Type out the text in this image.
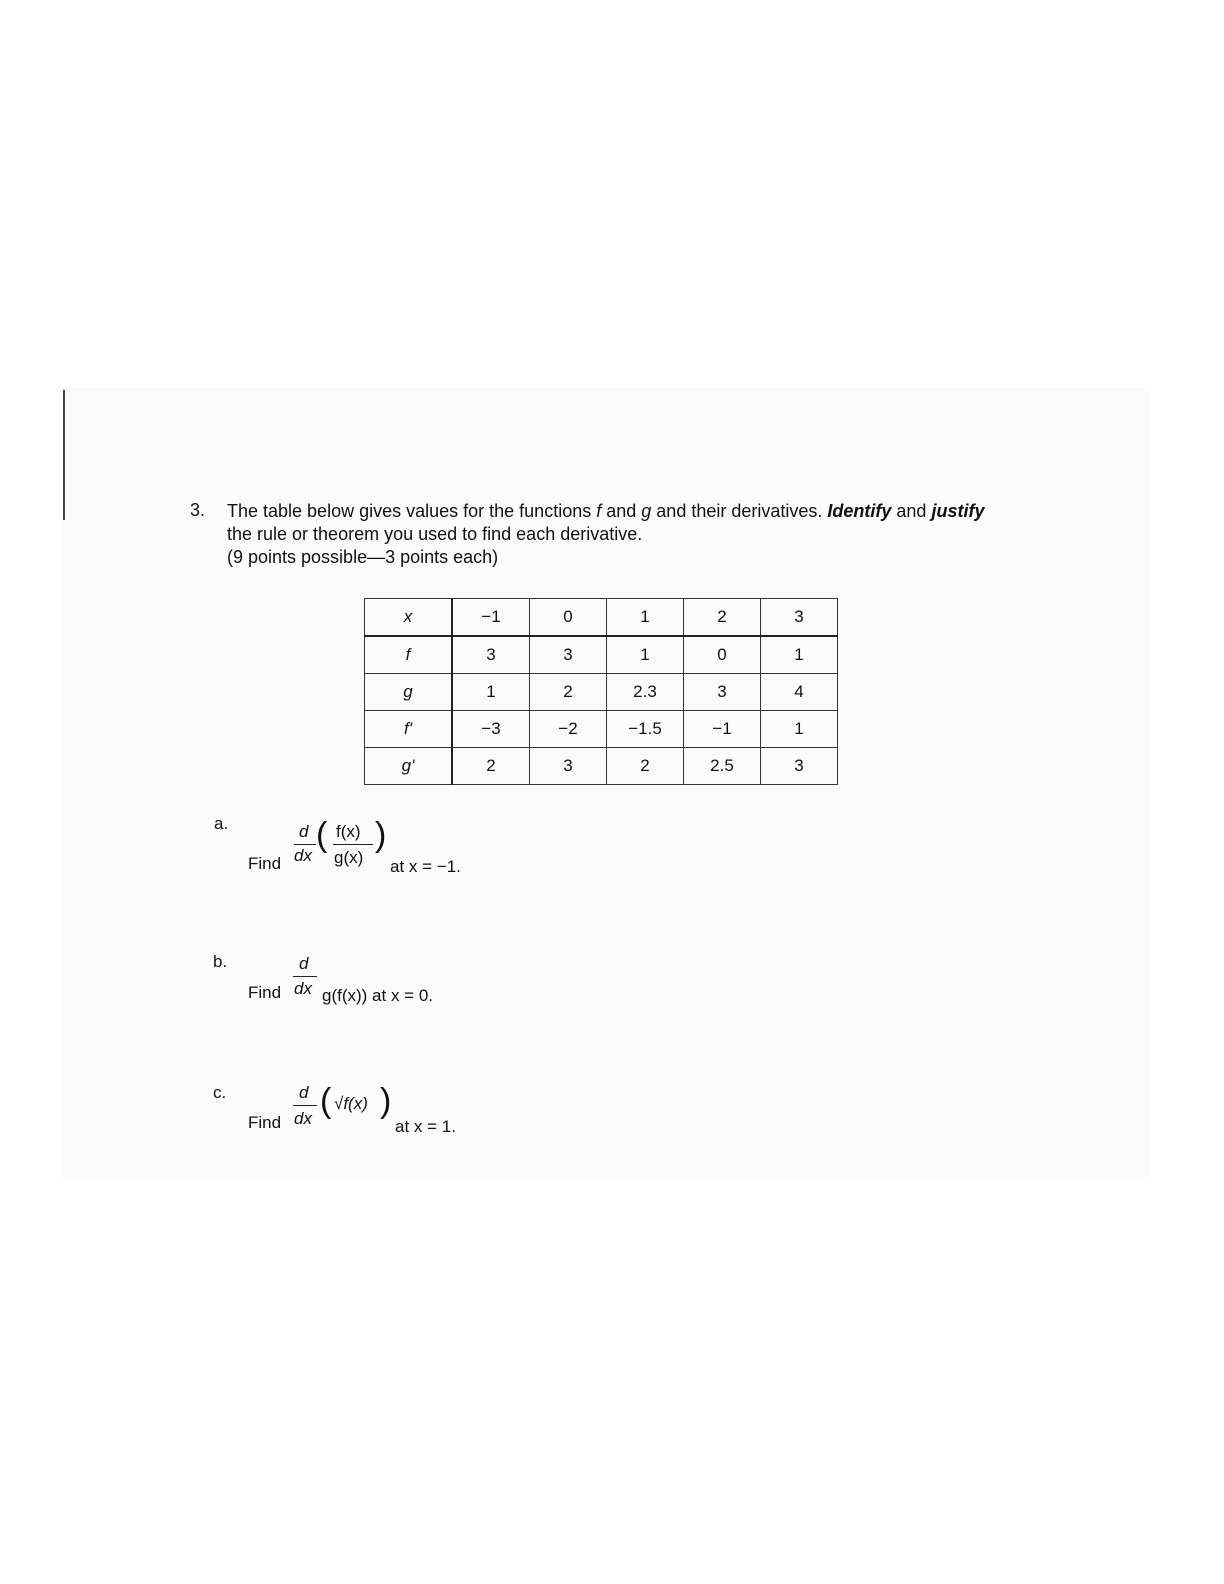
3. The table below gives values for the functions f and g and their derivatives. Identify and justify

the rule or theorem you used to find each derivative.

(9 points possible—3 points each)

x	−1	0	1	2	3
f	3	3	1	0	1
g	1	2	2.3	3	4
f'	−3	−2	−1.5	−1	1
g'	2	3	2	2.5	3
a.
Find
d
dx
( f(x)
g(x)
)
at x = −1.
b.	d
Find dx g(f(x)) at x = 0.
c.	d
Find dx ( √f(x) )
at x = 1.
